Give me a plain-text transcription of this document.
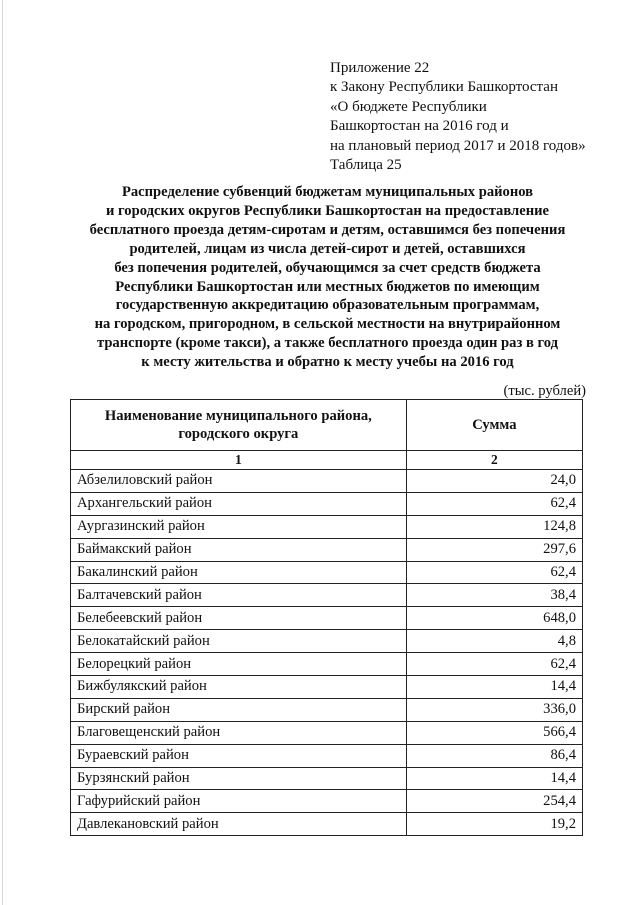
Приложение 22
к Закону Республики Башкортостан
«О бюджете Республики
Башкортостан на 2016 год и
на плановый период 2017 и 2018 годов»
Таблица 25
Распределение субвенций бюджетам муниципальных районов
и городских округов Республики Башкортостан на предоставление
бесплатного проезда детям-сиротам и детям, оставшимся без попечения
родителей, лицам из числа детей-сирот и детей, оставшихся
без попечения родителей, обучающимся за счет средств бюджета
Республики Башкортостан или местных бюджетов по имеющим
государственную аккредитацию образовательным программам,
на городском, пригородном, в сельской местности на внутрирайонном
транспорте (кроме такси), а также бесплатного проезда один раз в год
к месту жительства и обратно к месту учебы на 2016 год
(тыс. рублей)
Наименование муниципального района,
городского округа	Сумма
1	2
Абзелиловский район	24,0
Архангельский район	62,4
Аургазинский район	124,8
Баймакский район	297,6
Бакалинский район	62,4
Балтачевский район	38,4
Белебеевский район	648,0
Белокатайский район	4,8
Белорецкий район	62,4
Бижбулякский район	14,4
Бирский район	336,0
Благовещенский район	566,4
Бураевский район	86,4
Бурзянский район	14,4
Гафурийский район	254,4
Давлекановский район	19,2
